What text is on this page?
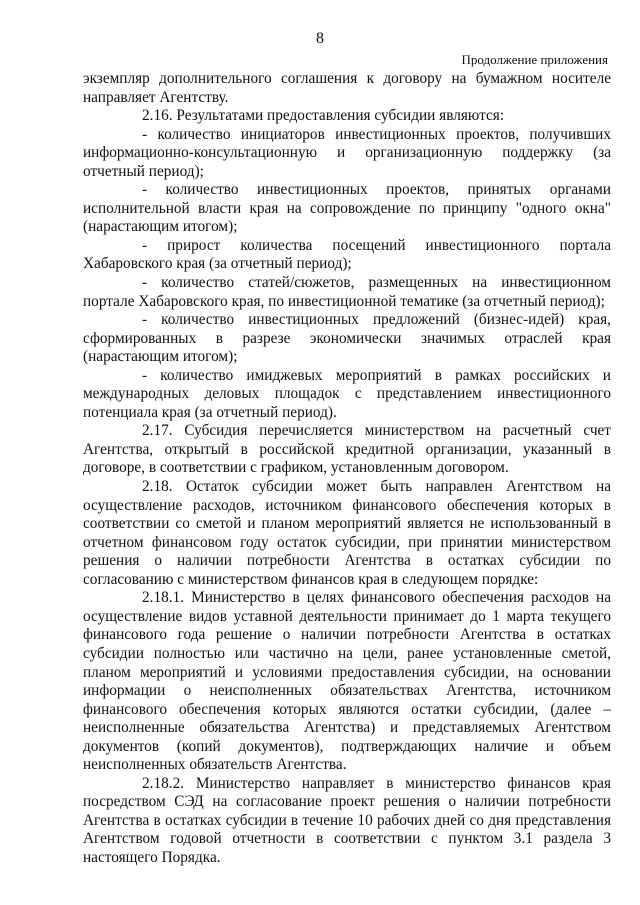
8
Продолжение приложения

экземпляр дополнительного соглашения к договору на бумажном носителе направляет Агентству.

2.16. Результатами предоставления субсидии являются:

- количество инициаторов инвестиционных проектов, получивших информационно-консультационную и организационную поддержку (за отчетный период);

- количество инвестиционных проектов, принятых органами исполнительной власти края на сопровождение по принципу "одного окна" (нарастающим итогом);

- прирост количества посещений инвестиционного портала Хабаровского края (за отчетный период);

- количество статей/сюжетов, размещенных на инвестиционном портале Хабаровского края, по инвестиционной тематике (за отчетный период);

- количество инвестиционных предложений (бизнес-идей) края, сформированных в разрезе экономически значимых отраслей края (нарастающим итогом);

- количество имиджевых мероприятий в рамках российских и международных деловых площадок с представлением инвестиционного потенциала края (за отчетный период).

2.17. Субсидия перечисляется министерством на расчетный счет Агентства, открытый в российской кредитной организации, указанный в договоре, в соответствии с графиком, установленным договором.

2.18. Остаток субсидии может быть направлен Агентством на осуществление расходов, источником финансового обеспечения которых в соответствии со сметой и планом мероприятий является не использованный в отчетном финансовом году остаток субсидии, при принятии министерством решения о наличии потребности Агентства в остатках субсидии по согласованию с министерством финансов края в следующем порядке:

2.18.1. Министерство в целях финансового обеспечения расходов на осуществление видов уставной деятельности принимает до 1 марта текущего финансового года решение о наличии потребности Агентства в остатках субсидии полностью или частично на цели, ранее установленные сметой, планом мероприятий и условиями предоставления субсидии, на основании информации о неисполненных обязательствах Агентства, источником финансового обеспечения которых являются остатки субсидии, (далее – неисполненные обязательства Агентства) и представляемых Агентством документов (копий документов), подтверждающих наличие и объем неисполненных обязательств Агентства.

2.18.2. Министерство направляет в министерство финансов края посредством СЭД на согласование проект решения о наличии потребности Агентства в остатках субсидии в течение 10 рабочих дней со дня представления Агентством годовой отчетности в соответствии с пунктом 3.1 раздела 3 настоящего Порядка.
